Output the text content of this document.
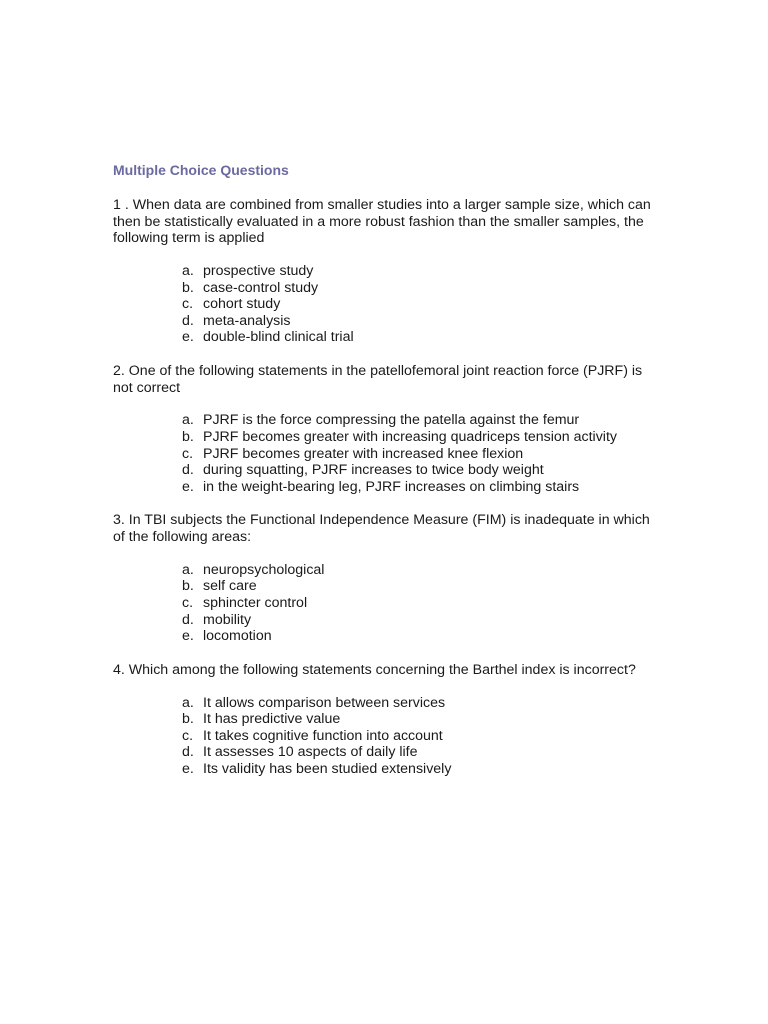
Multiple Choice Questions
1 . When data are combined from smaller studies into a larger sample size, which can then be statistically evaluated in a more robust fashion than the smaller samples, the following term is applied
a. prospective study
b. case-control study
c. cohort study
d. meta-analysis
e. double-blind clinical trial
2. One of the following statements in the patellofemoral joint reaction force (PJRF) is not correct
a. PJRF is the force compressing the patella against the femur
b. PJRF becomes greater with increasing quadriceps tension activity
c. PJRF becomes greater with increased knee flexion
d. during squatting, PJRF increases to twice body weight
e. in the weight-bearing leg, PJRF increases on climbing stairs
3. In TBI subjects the Functional Independence Measure (FIM) is inadequate in which of the following areas:
a. neuropsychological
b. self care
c. sphincter control
d. mobility
e. locomotion
4. Which among the following statements concerning the Barthel index is incorrect?
a. It allows comparison between services
b. It has predictive value
c. It takes cognitive function into account
d. It assesses 10 aspects of daily life
e. Its validity has been studied extensively
